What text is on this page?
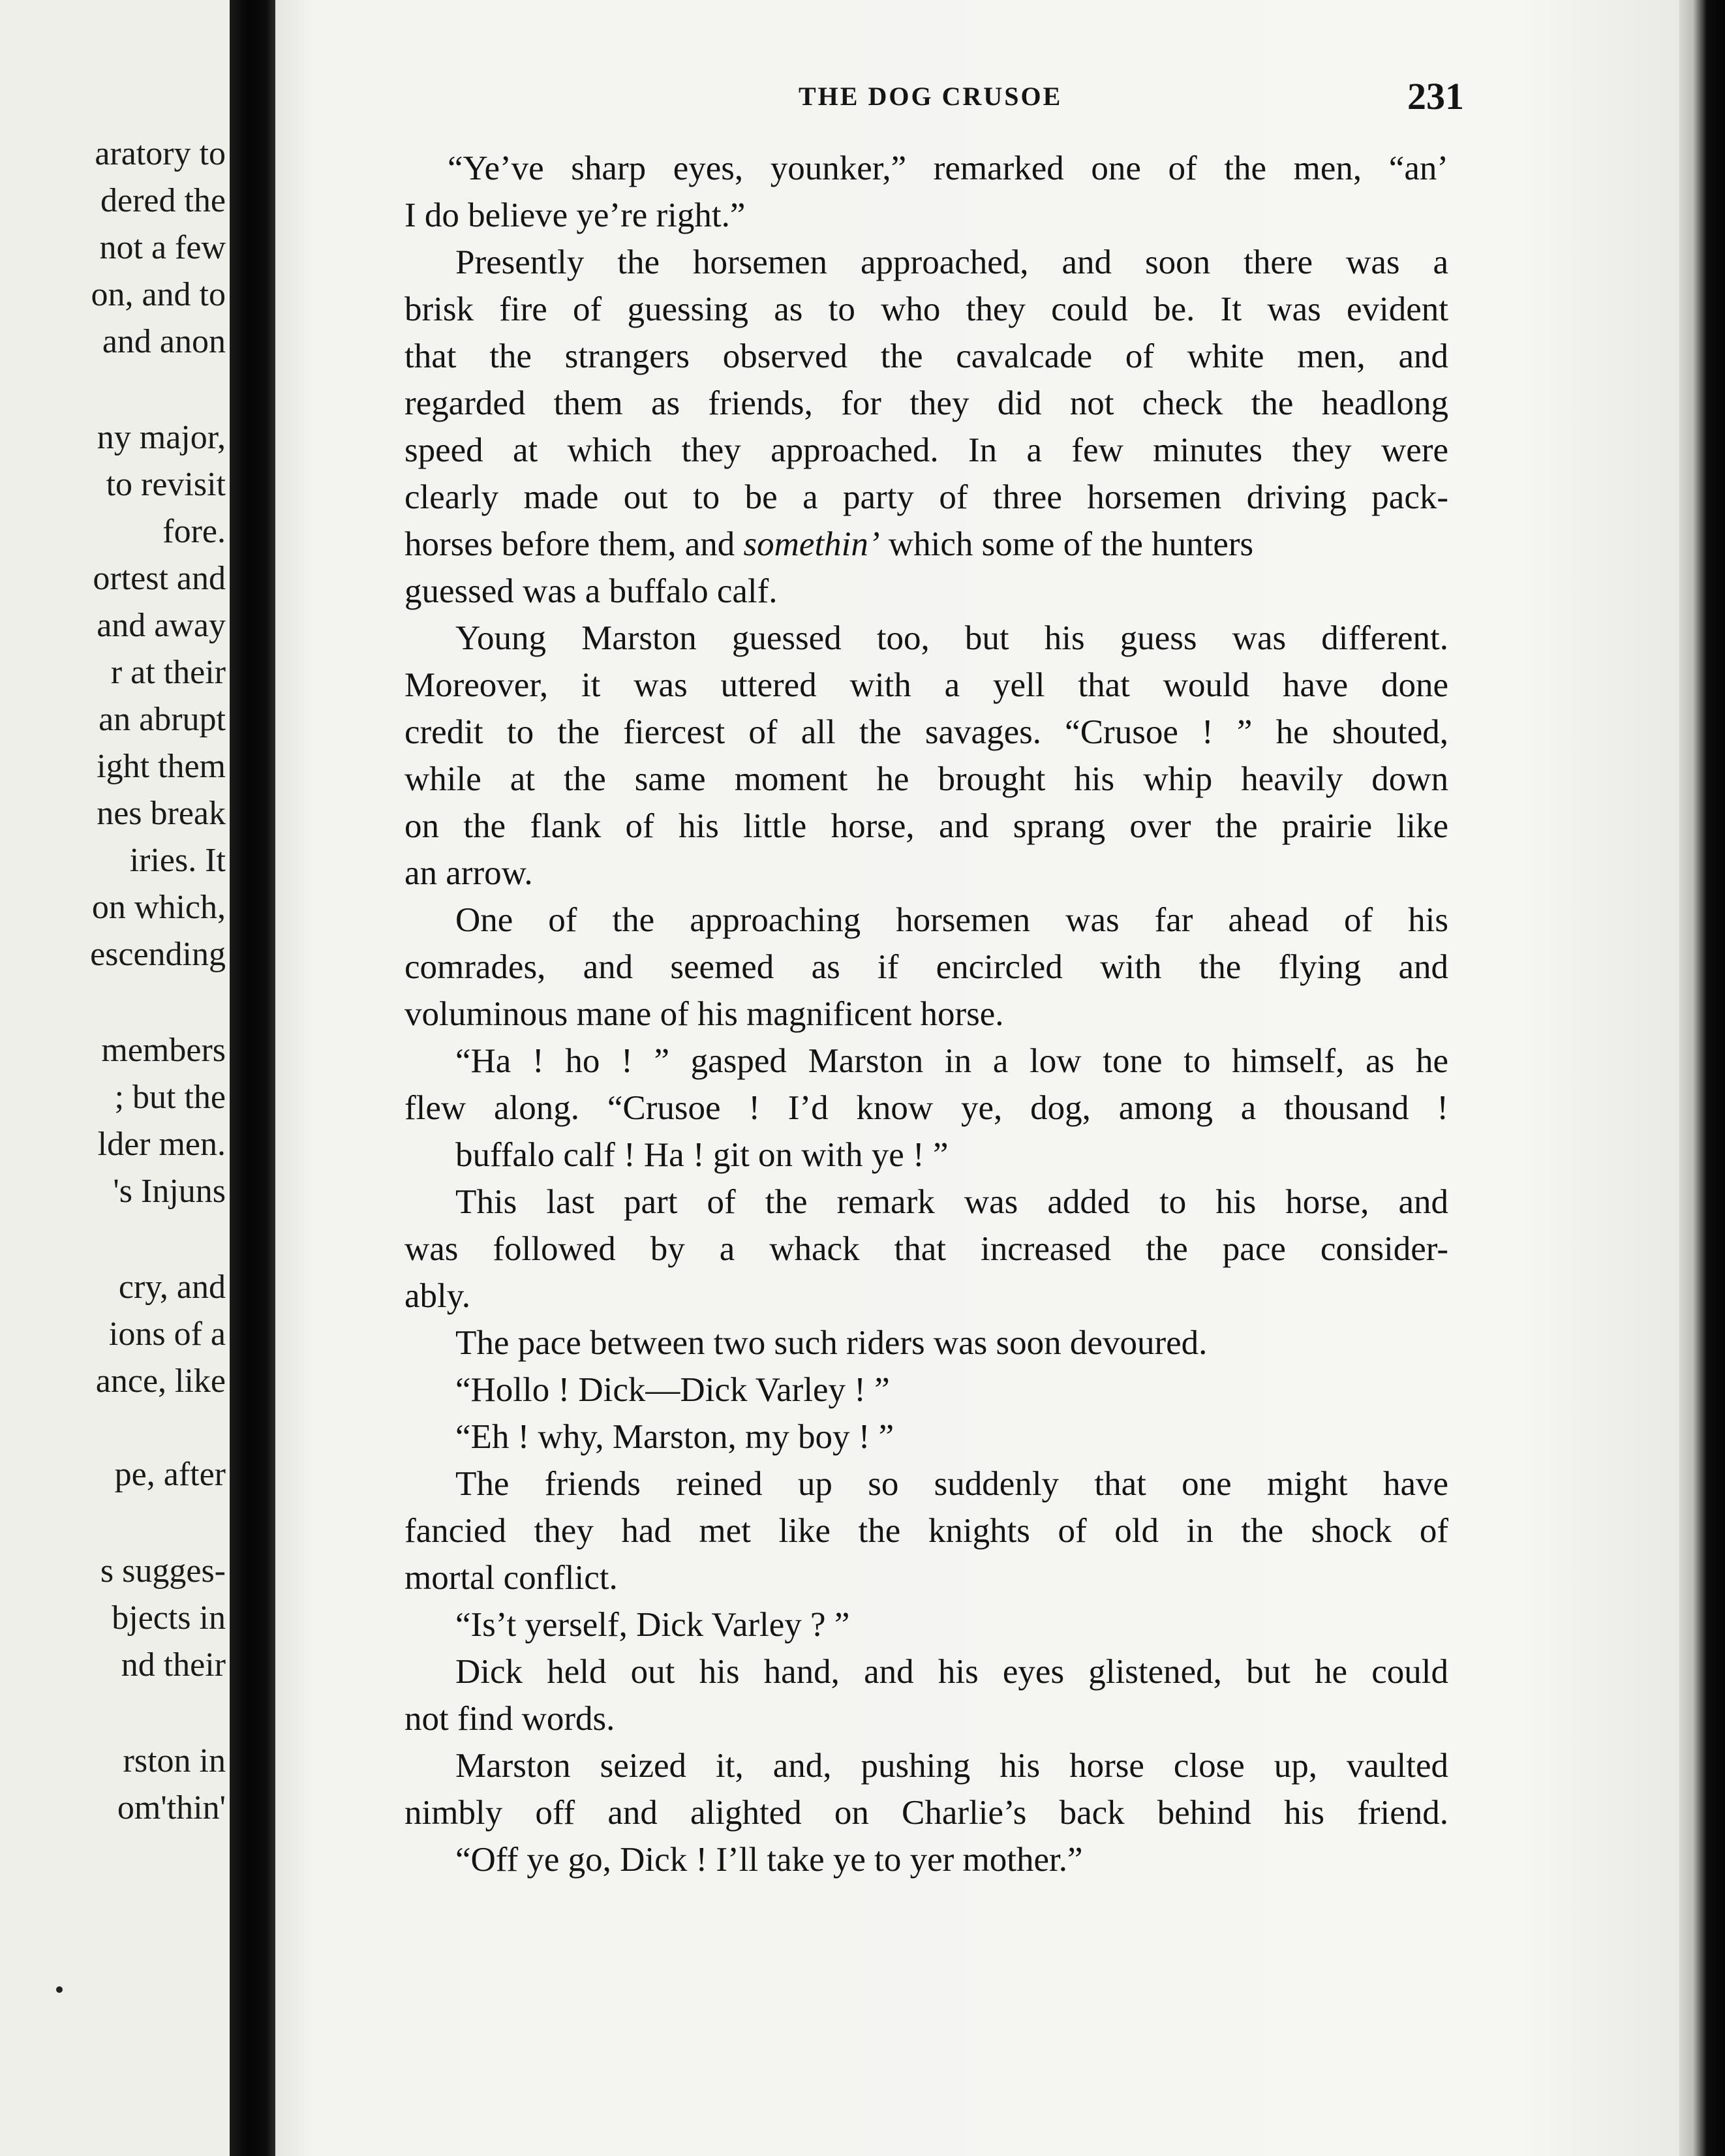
aratory to
dered the
not a few
on, and to
and anon
ny major,
to revisit
fore.
ortest and
and away
r at their
an abrupt
ight them
nes break
iries. It
on which,
escending
members
; but the
lder men.
's Injuns
cry, and
ions of a
ance, like
pe, after
s sugges-
bjects in
nd their
rston in
om'thin'
THE DOG CRUSOE	231
“Ye’ve sharp eyes, younker,” remarked one of the men, “an’
I do believe ye’re right.”
Presently the horsemen approached, and soon there was a
brisk fire of guessing as to who they could be. It was evident
that the strangers observed the cavalcade of white men, and
regarded them as friends, for they did not check the headlong
speed at which they approached. In a few minutes they were
clearly made out to be a party of three horsemen driving pack-
horses before them, and somethin’ which some of the hunters
guessed was a buffalo calf.
Young Marston guessed too, but his guess was different.
Moreover, it was uttered with a yell that would have done
credit to the fiercest of all the savages. “Crusoe ! ” he shouted,
while at the same moment he brought his whip heavily down
on the flank of his little horse, and sprang over the prairie like
an arrow.
One of the approaching horsemen was far ahead of his
comrades, and seemed as if encircled with the flying and
voluminous mane of his magnificent horse.
“Ha ! ho ! ” gasped Marston in a low tone to himself, as he
flew along. “Crusoe ! I’d know ye, dog, among a thousand !
buffalo calf ! Ha ! git on with ye ! ”
This last part of the remark was added to his horse, and
was followed by a whack that increased the pace consider-
ably.
The pace between two such riders was soon devoured.
“Hollo ! Dick—Dick Varley ! ”
“Eh ! why, Marston, my boy ! ”
The friends reined up so suddenly that one might have
fancied they had met like the knights of old in the shock of
mortal conflict.
“Is’t yerself, Dick Varley ? ”
Dick held out his hand, and his eyes glistened, but he could
not find words.
Marston seized it, and, pushing his horse close up, vaulted
nimbly off and alighted on Charlie’s back behind his friend.
“Off ye go, Dick ! I’ll take ye to yer mother.”
